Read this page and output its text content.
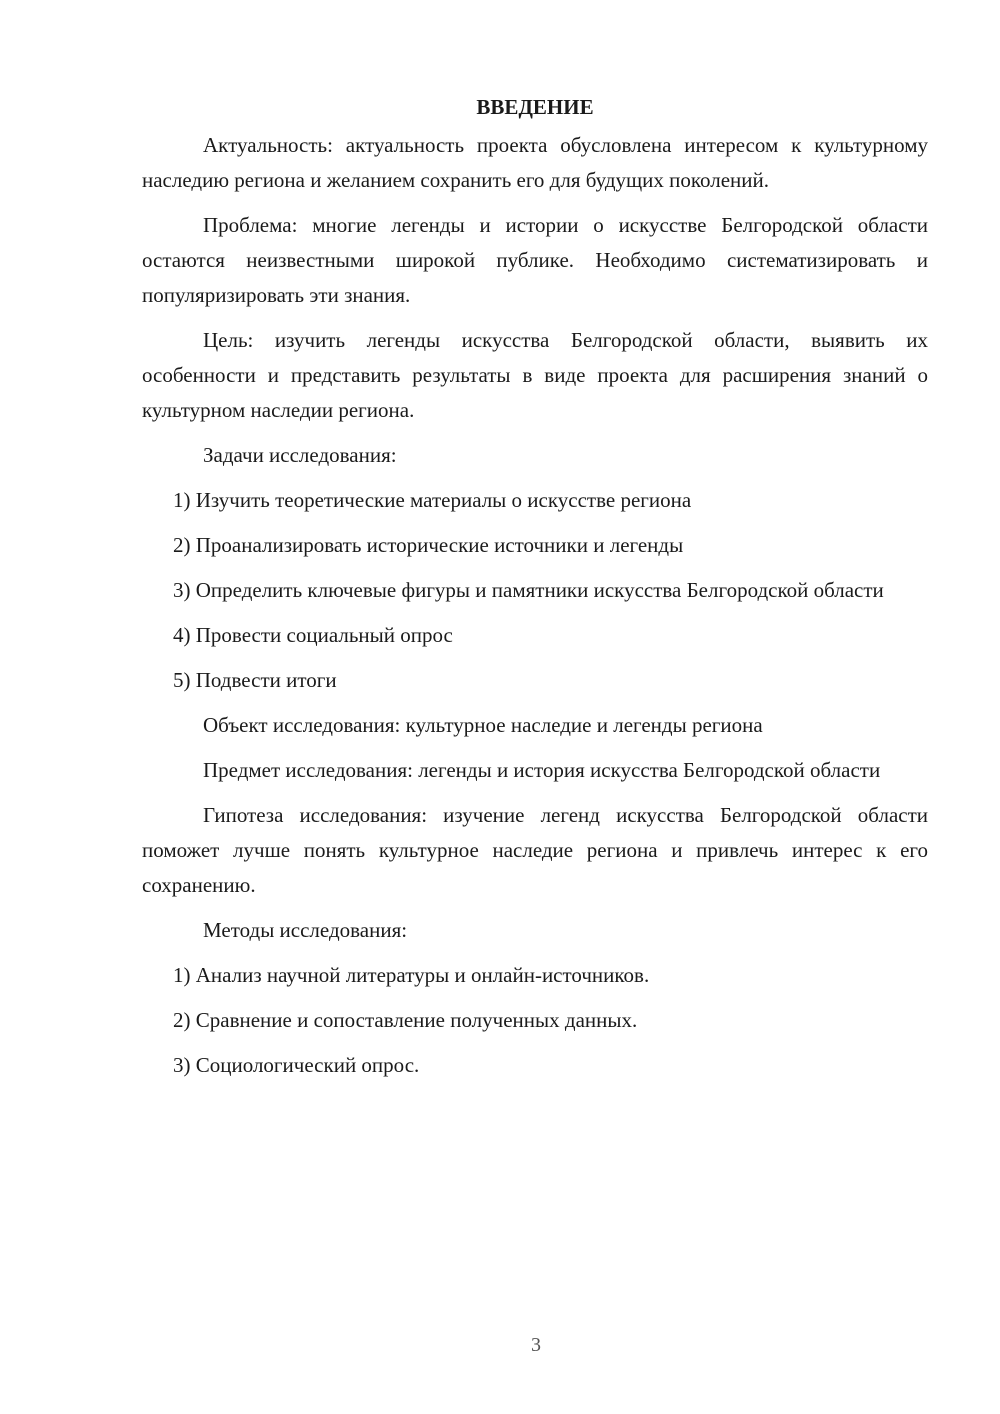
ВВЕДЕНИЕ

Актуальность: актуальность проекта обусловлена интересом к культурному наследию региона и желанием сохранить его для будущих поколений.

Проблема: многие легенды и истории о искусстве Белгородской области остаются неизвестными широкой публике. Необходимо систематизировать и популяризировать эти знания.

Цель: изучить легенды искусства Белгородской области, выявить их особенности и представить результаты в виде проекта для расширения знаний о культурном наследии региона.

Задачи исследования:

1) Изучить теоретические материалы о искусстве региона

2) Проанализировать исторические источники и легенды

3) Определить ключевые фигуры и памятники искусства Белгородской области

4) Провести социальный опрос

5) Подвести итоги

Объект исследования: культурное наследие и легенды региона

Предмет исследования: легенды и история искусства Белгородской области

Гипотеза исследования: изучение легенд искусства Белгородской области поможет лучше понять культурное наследие региона и привлечь интерес к его сохранению.

Методы исследования:

1) Анализ научной литературы и онлайн-источников.

2) Сравнение и сопоставление полученных данных.

3) Социологический опрос.

3
